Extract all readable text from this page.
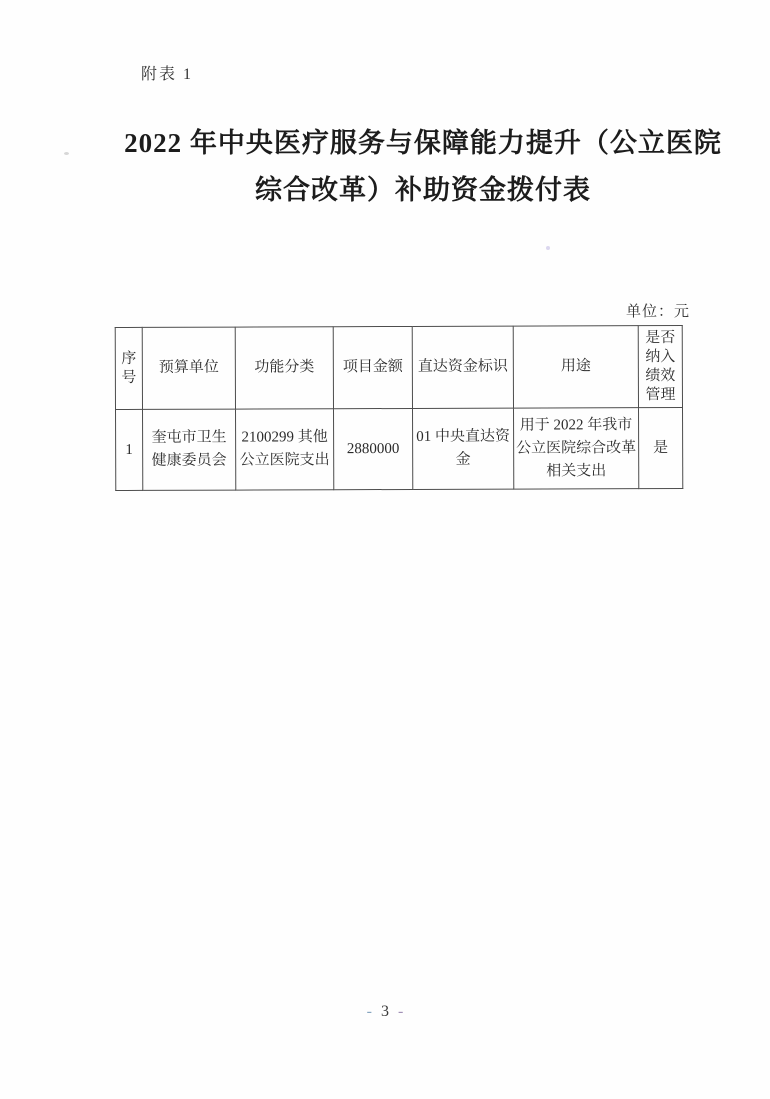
附表 1
2022 年中央医疗服务与保障能力提升（公立医院
综合改革）补助资金拨付表
单位：元
序号	预算单位	功能分类	项目金额	直达资金标识	用途	是否纳入绩效管理
1	奎屯市卫生健康委员会	2100299 其他公立医院支出	2880000	01 中央直达资金	用于 2022 年我市公立医院综合改革相关支出	是
- 3 -
